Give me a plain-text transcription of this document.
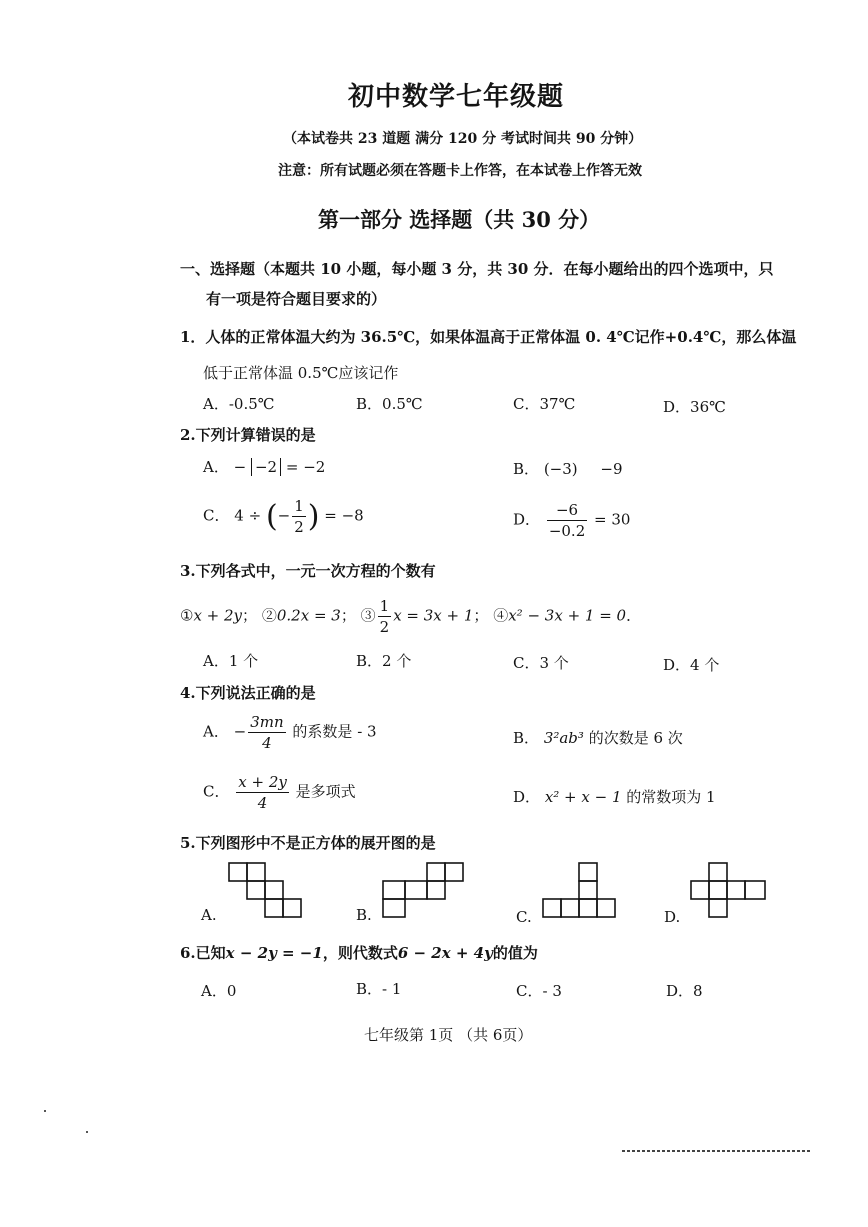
初中数学七年级题
（本试卷共 23 道题 满分 120 分 考试时间共 90 分钟）
注意：所有试题必须在答题卡上作答，在本试卷上作答无效
第一部分 选择题（共 30 分）
一、选择题（本题共 10 小题，每小题 3 分，共 30 分．在每小题给出的四个选项中，只
有一项是符合题目要求的）
1．人体的正常体温大约为 36.5℃，如果体温高于正常体温 0. 4℃记作+0.4℃，那么体温
低于正常体温 0.5℃应该记作
A．-0.5℃	B．0.5℃	C．37℃	D．36℃
2.下列计算错误的是
A． − −2 = −2	B． (−3) −9
C． 4 ÷ (− $\frac{1}{2}$ ) = −8	D． $\frac{-6}{-0.2} = 30$
3.下列各式中，一元一次方程的个数有
①x + 2y； ②0.2x = 3； ③ $\frac{1}{2}$ x = 3x + 1； ④x² − 3x + 1 = 0．
A．1 个	B．2 个	C．3 个	D．4 个
4.下列说法正确的是
A． − $\frac{3mn}{4}$ 的系数是 - 3	B． 3²ab³ 的次数是 6 次
C． $\frac{x + 2y}{4}$ 是多项式	D． x² + x − 1 的常数项为 1
5.下列图形中不是正方体的展开图的是
A.	B.	C.	D.
6.已知x − 2y = −1，则代数式6 − 2x + 4y的值为
A．0	B．- 1	C．- 3	D．8
七年级第 1页 （共 6页）
